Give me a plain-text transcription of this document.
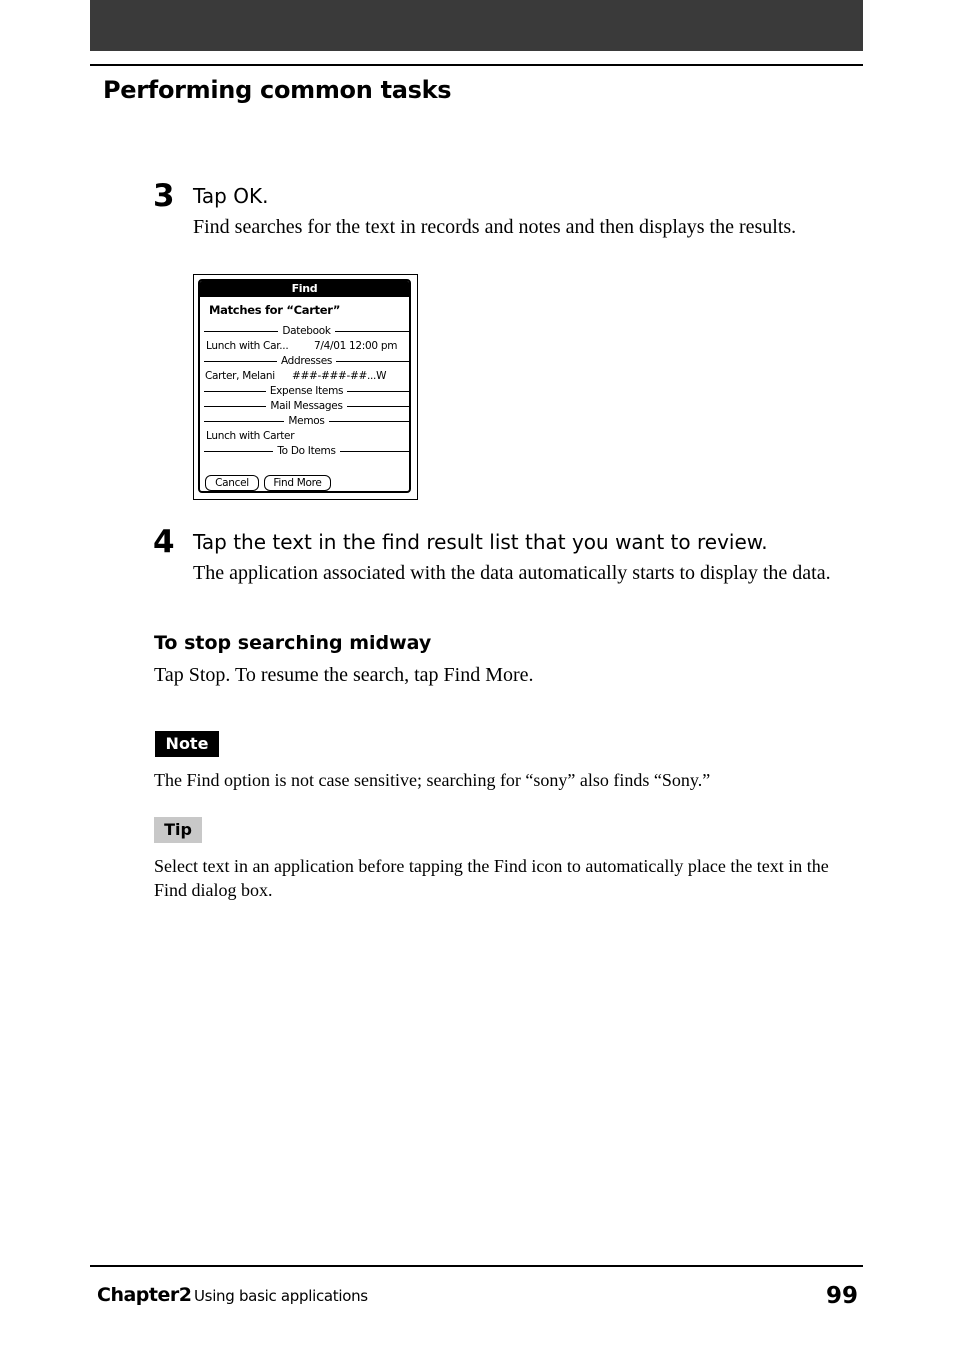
Performing common tasks
3 Tap OK.
Find searches for the text in records and notes and then displays the results.
Find
Matches for “Carter”
Datebook
Lunch with Car... 7/4/01 12:00 pm
Addresses
Carter, Melani ###-###-##...W
Expense Items
Mail Messages
Memos
Lunch with Carter
To Do Items
Cancel	Find More
4 Tap the text in the find result list that you want to review.
The application associated with the data automatically starts to display the data.
To stop searching midway
Tap Stop. To resume the search, tap Find More.
Note
The Find option is not case sensitive; searching for “sony” also finds “Sony.”
Tip
Select text in an application before tapping the Find icon to automatically place the text in the Find dialog box.
Chapter2 Using basic applications	99
